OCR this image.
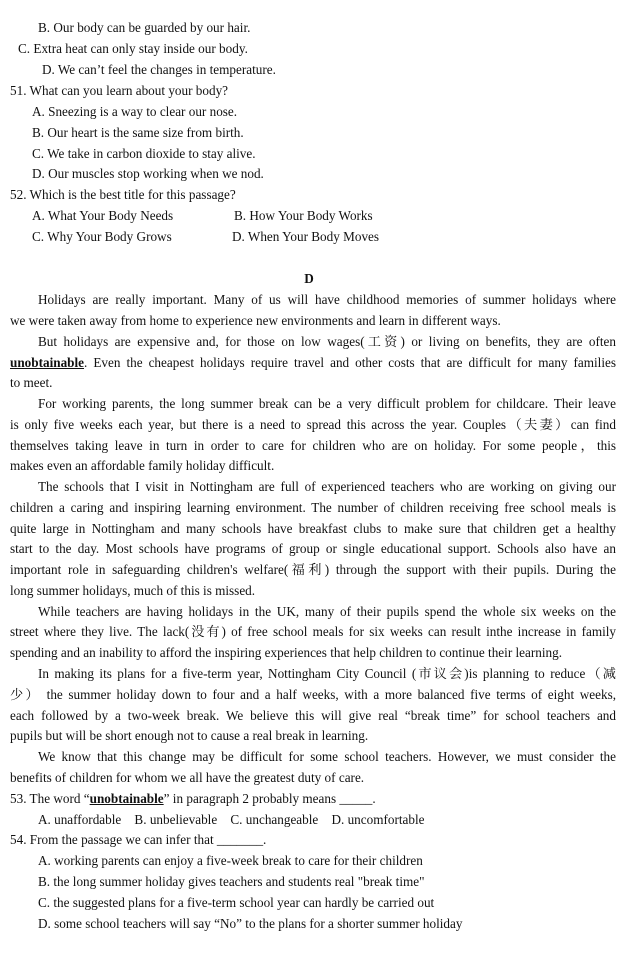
B. Our body can be guarded by our hair.
C. Extra heat can only stay inside our body.
D. We can’t feel the changes in temperature.
51. What can you learn about your body?
A. Sneezing is a way to clear our nose.
B. Our heart is the same size from birth.
C. We take in carbon dioxide to stay alive.
D. Our muscles stop working when we nod.
52. Which is the best title for this passage?
A. What Your Body Needs	B. How Your Body Works
C. Why Your Body Grows	D. When Your Body Moves
D
Holidays are really important. Many of us will have childhood memories of summer holidays where
we were taken away from home to experience new environments and learn in different ways.
But holidays are expensive and, for those on low wages(工资) or living on benefits, they are often
unobtainable. Even the cheapest holidays require travel and other costs that are difficult for many families
to meet.
For working parents, the long summer break can be a very difficult problem for childcare. Their leave
is only five weeks each year, but there is a need to spread this across the year. Couples（夫妻）can find
themselves taking leave in turn in order to care for children who are on holiday. For some people，this
makes even an affordable family holiday difficult.
The schools that I visit in Nottingham are full of experienced teachers who are working on giving our
children a caring and inspiring learning environment. The number of children receiving free school meals is
quite large in Nottingham and many schools have breakfast clubs to make sure that children get a healthy
start to the day. Most schools have programs of group or single educational support. Schools also have an
important role in safeguarding children's welfare(福利) through the support with their pupils. During the
long summer holidays, much of this is missed.
While teachers are having holidays in the UK, many of their pupils spend the whole six weeks on the
street where they live. The lack(没有) of free school meals for six weeks can result inthe increase in family
spending and an inability to afford the inspiring experiences that help children to continue their learning.
In making its plans for a five-term year, Nottingham City Council (市议会)is planning to reduce（减
少） the summer holiday down to four and a half weeks, with a more balanced five terms of eight weeks,
each followed by a two-week break. We believe this will give real “break time” for school teachers and
pupils but will be short enough not to cause a real break in learning.
We know that this change may be difficult for some school teachers. However, we must consider the
benefits of children for whom we all have the greatest duty of care.
53. The word “unobtainable” in paragraph 2 probably means _____.
A. unaffordable    B. unbelievable    C. unchangeable    D. uncomfortable
54. From the passage we can infer that _______.
A. working parents can enjoy a five-week break to care for their children
B. the long summer holiday gives teachers and students real "break time"
C. the suggested plans for a five-term school year can hardly be carried out
D. some school teachers will say “No” to the plans for a shorter summer holiday
